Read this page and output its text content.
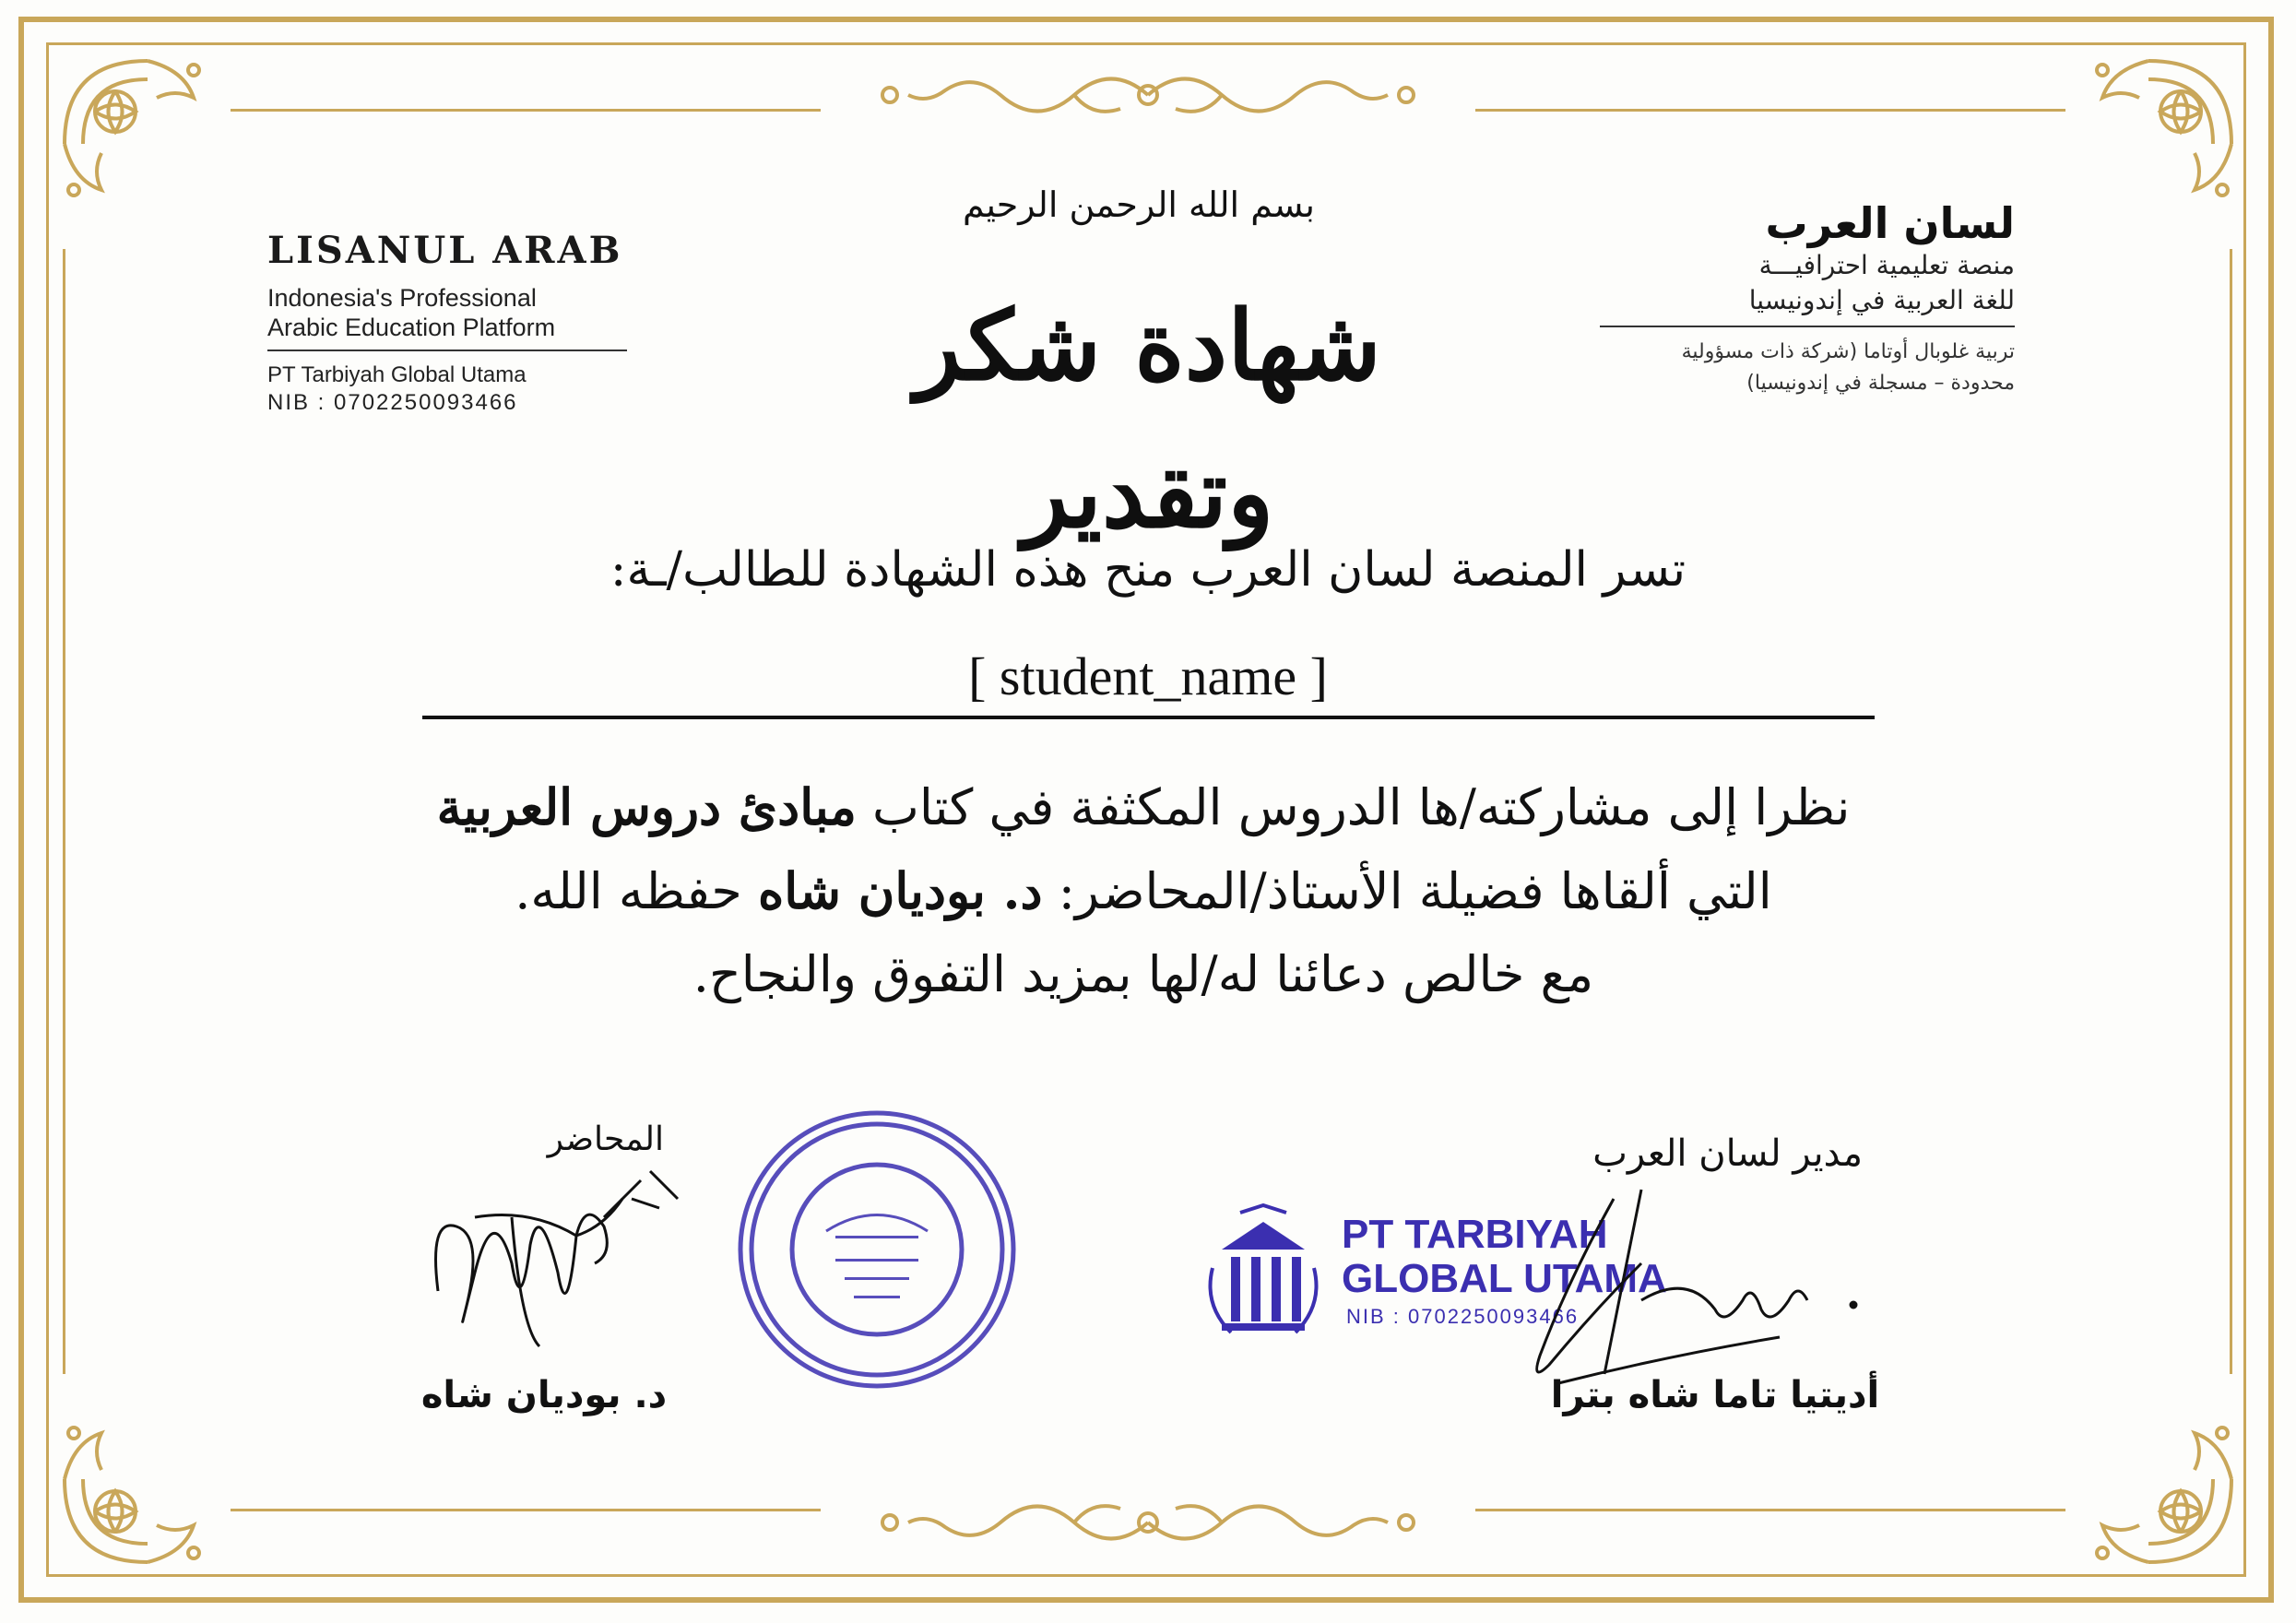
LISANUL ARAB
Indonesia's Professional
Arabic Education Platform
PT Tarbiyah Global Utama
NIB : 0702250093466
لسان العرب
منصة تعليمية احترافيـــة
للغة العربية في إندونيسيا
تربية غلوبال أوتاما (شركة ذات مسؤولية
محدودة – مسجلة في إندونيسيا)
بسم الله الرحمن الرحيم
شهادة شكر وتقدير
تسر المنصة لسان العرب منح هذه الشهادة للطالب/ـة:
[ student_name ]
نظرا إلى مشاركته/ها الدروس المكثفة في كتاب مبادئ دروس العربية
التي ألقاها فضيلة الأستاذ/المحاضر: د. بوديان شاه حفظه الله.
مع خالص دعائنا له/لها بمزيد التفوق والنجاح.
المحاضر
د. بوديان شاه
مدير لسان العرب
PT TARBIYAH
GLOBAL UTAMA
NIB : 0702250093466
أديتيا تاما شاه بترا
